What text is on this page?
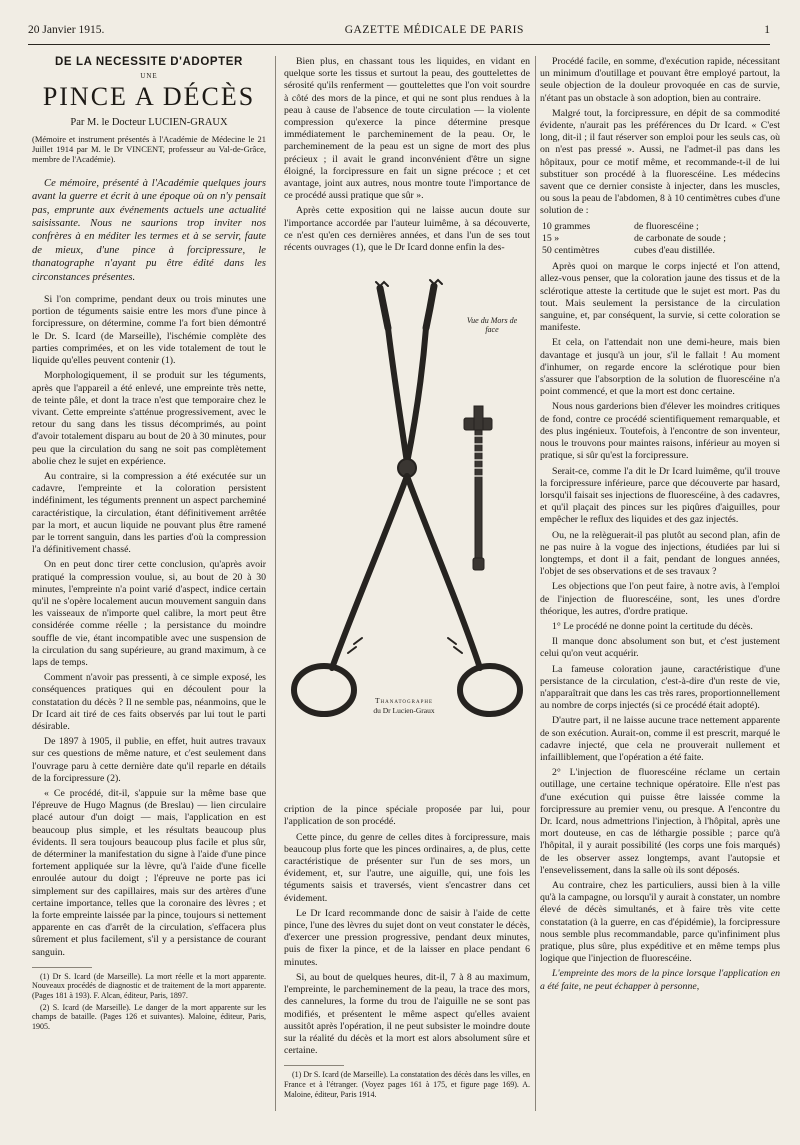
20 Janvier 1915.	GAZETTE MÉDICALE DE PARIS	1
DE LA NÉCESSITÉ D'ADOPTER
UNE
PINCE A DÉCÈS
Par M. le Docteur LUCIEN-GRAUX

(Mémoire et instrument présentés à l'Académie de Médecine le 21 Juillet 1914 par M. le Dr VINCENT, professeur au Val-de-Grâce, membre de l'Académie).

Ce mémoire, présenté à l'Académie quelques jours avant la guerre et écrit à une époque où on n'y pensait pas, emprunte aux événements actuels une actualité saisissante. Nous ne saurions trop inviter nos confrères à en méditer les termes et à se servir, faute de mieux, d'une pince à forcipressure, le thanatographe n'ayant pu être édité dans les circonstances présentes.

Si l'on comprime, pendant deux ou trois minutes une portion de téguments saisie entre les mors d'une pince à forcipressure, on détermine, comme l'a fort bien démontré le Dr. S. Icard (de Marseille), l'ischémie complète des parties comprimées, et on les vide totalement de tout le liquide qu'elles peuvent contenir (1).

Morphologiquement, il se produit sur les téguments, après que l'appareil a été enlevé, une empreinte très nette, de teinte pâle, et dont la trace n'est que temporaire chez le vivant. Cette empreinte s'atténue progressivement, avec le retour du sang dans les tissus décomprimés, au point d'avoir totalement disparu au bout de 20 à 30 minutes, pour peu que la circulation du sang ne soit pas complètement abolie chez le sujet en expérience.

Au contraire, si la compression a été exécutée sur un cadavre, l'empreinte et la coloration persistent indéfiniment, les téguments prennent un aspect parcheminé caractéristique, la circulation, étant définitivement arrêtée par la mort, et aucun liquide ne pouvant plus être ramené par le torrent sanguin, dans les parties d'où la compression l'a définitivement chassé.

On en peut donc tirer cette conclusion, qu'après avoir pratiqué la compression voulue, si, au bout de 20 à 30 minutes, l'empreinte n'a point varié d'aspect, indice certain qu'il ne s'opère localement aucun mouvement sanguin dans les vaisseaux de n'importe quel calibre, la mort peut être considérée comme réelle ; la persistance du moindre souffle de vie, étant incompatible avec une suspension de la circulation du sang supérieure, au grand maximum, à ce laps de temps.

Comment n'avoir pas pressenti, à ce simple exposé, les conséquences pratiques qui en découlent pour la constatation du décès ? Il ne semble pas, néanmoins, que le Dr Icard ait tiré de ces faits observés par lui tout le parti désirable.

De 1897 à 1905, il publie, en effet, huit autres travaux sur ces questions de même nature, et c'est seulement dans l'ouvrage paru à cette dernière date qu'il reparle en détails de la forcipressure (2).

« Ce procédé, dit-il, s'appuie sur la même base que l'épreuve de Hugo Magnus (de Breslau) — lien circulaire placé autour d'un doigt — mais, l'application en est beaucoup plus simple, et les résultats beaucoup plus évidents. Il sera toujours beaucoup plus facile et plus sûr, de déterminer la manifestation du signe à l'aide d'une pince fortement appliquée sur la lèvre, qu'à l'aide d'une ficelle enroulée autour du doigt ; l'épreuve ne porte pas ici simplement sur des capillaires, mais sur des artères d'une certaine importance, telles que la coronaire des lèvres ; et la forte empreinte laissée par la pince, toujours si nettement apparente en cas d'arrêt de la circulation, s'effacera plus sûrement et plus facilement, s'il y a persistance de courant sanguin.

(1) Dr S. Icard (de Marseille). La mort réelle et la mort apparente. Nouveaux procédés de diagnostic et de traitement de la mort apparente. (Pages 181 à 193). F. Alcan, éditeur, Paris, 1897.

(2) S. Icard (de Marseille). Le danger de la mort apparente sur les champs de bataille. (Pages 126 et suivantes). Maloine, éditeur, Paris, 1905.

Bien plus, en chassant tous les liquides, en vidant en quelque sorte les tissus et surtout la peau, des gouttelettes de sérosité qu'ils renferment — gouttelettes que l'on voit sourdre à côté des mors de la pince, et qui ne sont plus rendues à la peau à cause de l'absence de toute circulation — la violente compression qu'exerce la pince détermine presque immédiatement le parcheminement de la peau. Or, le parcheminement de la peau est un signe de mort des plus précieux ; il avait le grand inconvénient d'être un signe éloigné, la forcipressure en fait un signe précoce ; et cet avantage, joint aux autres, nous montre toute l'importance de ce procédé aussi pratique que sûr ».

Après cette exposition qui ne laisse aucun doute sur l'importance accordée par l'auteur luimême, à sa découverte, ce n'est qu'en ces dernières années, et dans l'un de ses tout récents ouvrages (1), que le Dr Icard donne enfin la des-

Vue du Mors de face
Thanatographe
du Dr Lucien-Graux

cription de la pince spéciale proposée par lui, pour l'application de son procédé.

Cette pince, du genre de celles dites à forcipressure, mais beaucoup plus forte que les pinces ordinaires, a, de plus, cette caractéristique de présenter sur l'un de ses mors, un évidement, et, sur l'autre, une aiguille, qui, une fois les téguments saisis et traversés, vient s'encastrer dans cet évidement.

Le Dr Icard recommande donc de saisir à l'aide de cette pince, l'une des lèvres du sujet dont on veut constater le décès, d'exercer une pression progressive, pendant deux minutes, puis de fixer la pince, et de la laisser en place pendant 6 minutes.

Si, au bout de quelques heures, dit-il, 7 à 8 au maximum, l'empreinte, le parcheminement de la peau, la trace des mors, des cannelures, la forme du trou de l'aiguille ne se sont pas modifiés, et présentent le même aspect qu'elles avaient aussitôt après l'opération, il ne peut subsister le moindre doute sur la réalité du décès et la mort est alors absolument sûre et certaine.

(1) Dr S. Icard (de Marseille). La constatation des décès dans les villes, en France et à l'étranger. (Voyez pages 161 à 175, et figure page 169). A. Maloine, éditeur, Paris 1914.

Procédé facile, en somme, d'exécution rapide, nécessitant un minimum d'outillage et pouvant être employé partout, la seule objection de la douleur provoquée en cas de survie, n'étant pas un obstacle à son adoption, bien au contraire.

Malgré tout, la forcipressure, en dépit de sa commodité évidente, n'aurait pas les préférences du Dr Icard. « C'est long, dit-il ; il faut réserver son emploi pour les seuls cas, où on n'est pas pressé ». Aussi, ne l'admet-il pas dans les hôpitaux, pour ce motif même, et recommande-t-il de lui substituer son procédé à la fluorescéine. Les médecins savent que ce dernier consiste à injecter, dans les muscles, ou sous la peau de l'abdomen, 8 à 10 centimètres cubes d'une solution de :

10 grammes	de fluorescéine ;
15 »	de carbonate de soude ;
50 centimètres	cubes d'eau distillée.

Après quoi on marque le corps injecté et l'on attend, allez-vous penser, que la coloration jaune des tissus et de la sclérotique atteste la certitude que le sujet est mort. Pas du tout. Mais seulement la persistance de la circulation sanguine, et, par conséquent, la survie, si cette coloration se manifeste.

Et cela, on l'attendait non une demi-heure, mais bien davantage et jusqu'à un jour, s'il le fallait ! Au moment d'inhumer, on regarde encore la sclérotique pour bien s'assurer que l'absorption de la solution de fluorescéine n'a point commencé, et que la mort est donc certaine.

Nous nous garderions bien d'élever les moindres critiques de fond, contre ce procédé scientifiquement remarquable, et des plus ingénieux. Toutefois, à l'encontre de son inventeur, nous le trouvons pour maintes raisons, inférieur au moyen si pratique, si sûr qu'est la forcipressure.

Serait-ce, comme l'a dit le Dr Icard luimême, qu'il trouve la forcipressure inférieure, parce que découverte par hasard, lorsqu'il faisait ses injections de fluorescéine, à des cadavres, et qu'il plaçait des pinces sur les piqûres d'aiguilles, pour empêcher le reflux des liquides et des gaz injectés.

Ou, ne la relèguerait-il pas plutôt au second plan, afin de ne pas nuire à la vogue des injections, étudiées par lui si longtemps, et dont il a fait, pendant de longues années, l'objet de ses observations et de ses travaux ?

Les objections que l'on peut faire, à notre avis, à l'emploi de l'injection de fluorescéine, sont, les unes d'ordre théorique, les autres, d'ordre pratique.

1° Le procédé ne donne point la certitude du décès.

Il manque donc absolument son but, et c'est justement celui qu'on veut acquérir.

La fameuse coloration jaune, caractéristique d'une persistance de la circulation, c'est-à-dire d'un reste de vie, n'apparaîtrait que dans les cas très rares, proportionnellement au nombre de corps injectés (si ce procédé était adopté).

D'autre part, il ne laisse aucune trace nettement apparente de son exécution. Aurait-on, comme il est prescrit, marqué le cadavre injecté, que cela ne prouverait nullement et infailliblement, que l'opération a été faite.

2° L'injection de fluorescéine réclame un certain outillage, une certaine technique opératoire. Elle n'est pas d'une exécution qui puisse être laissée comme la forcipressure au premier venu, ou presque. A l'encontre du Dr. Icard, nous admettrions l'injection, à l'hôpital, après une mort douteuse, en cas de léthargie possible ; parce qu'à l'hôpital, il y aurait possibilité (les corps une fois marqués) de les observer assez longtemps, avant l'autopsie et l'ensevelissement, dans la salle où ils sont déposés.

Au contraire, chez les particuliers, aussi bien à la ville qu'à la campagne, ou lorsqu'il y aurait à constater, un nombre élevé de décès simultanés, et à faire très vite cette constatation (à la guerre, en cas d'épidémie), la forcipressure nous semble plus recommandable, parce qu'infiniment plus pratique, plus sûre, plus expéditive et en même temps plus logique que l'injection de fluorescéine.

L'empreinte des mors de la pince lorsque l'application en a été faite, ne peut échapper à personne,
